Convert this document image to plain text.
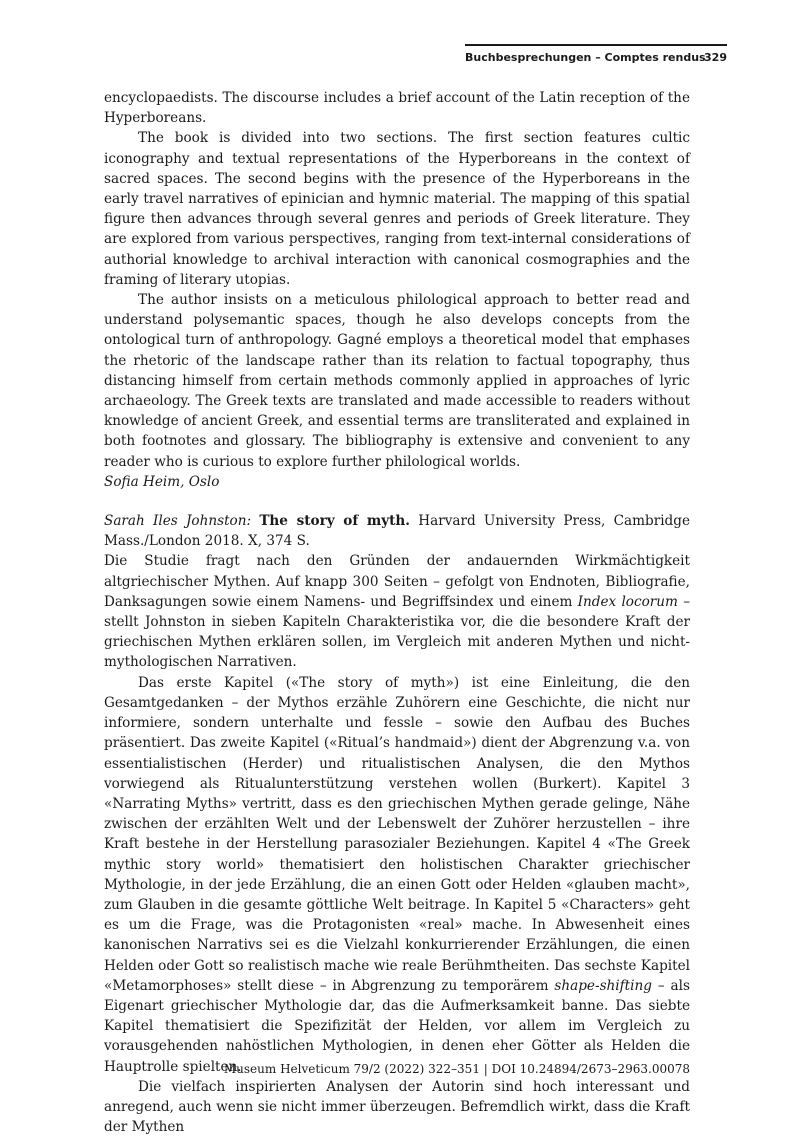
Buchbesprechungen – Comptes rendus
329

encyclopaedists. The discourse includes a brief account of the Latin reception of the Hyperboreans.

The book is divided into two sections. The first section features cultic iconography and textual representations of the Hyperboreans in the context of sacred spaces. The second begins with the presence of the Hyperboreans in the early travel narratives of epinician and hymnic material. The mapping of this spatial figure then advances through several genres and periods of Greek literature. They are explored from various perspectives, ranging from text-internal considerations of authorial knowledge to archival interaction with canonical cosmographies and the framing of literary utopias.

The author insists on a meticulous philological approach to better read and understand polysemantic spaces, though he also develops concepts from the ontological turn of anthropology. Gagné employs a theoretical model that emphases the rhetoric of the landscape rather than its relation to factual topography, thus distancing himself from certain methods commonly applied in approaches of lyric archaeology. The Greek texts are translated and made accessible to readers without knowledge of ancient Greek, and essential terms are transliterated and explained in both footnotes and glossary. The bibliography is extensive and convenient to any reader who is curious to explore further philological worlds.

Sofia Heim, Oslo

Sarah Iles Johnston: The story of myth. Harvard University Press, Cambridge Mass./London 2018. X, 374 S.

Die Studie fragt nach den Gründen der andauernden Wirkmächtigkeit altgriechischer Mythen. Auf knapp 300 Seiten – gefolgt von Endnoten, Bibliografie, Danksagungen sowie einem Namens- und Begriffsindex und einem Index locorum – stellt Johnston in sieben Kapiteln Charakteristika vor, die die besondere Kraft der griechischen Mythen erklären sollen, im Vergleich mit anderen Mythen und nicht-mythologischen Narrativen.

Das erste Kapitel («The story of myth») ist eine Einleitung, die den Gesamtgedanken – der Mythos erzähle Zuhörern eine Geschichte, die nicht nur informiere, sondern unterhalte und fessle – sowie den Aufbau des Buches präsentiert. Das zweite Kapitel («Ritual’s handmaid») dient der Abgrenzung v.a. von essentialistischen (Herder) und ritualistischen Analysen, die den Mythos vorwiegend als Ritualunterstützung verstehen wollen (Burkert). Kapitel 3 «Narrating Myths» vertritt, dass es den griechischen Mythen gerade gelinge, Nähe zwischen der erzählten Welt und der Lebenswelt der Zuhörer herzustellen – ihre Kraft bestehe in der Herstellung parasozialer Beziehungen. Kapitel 4 «The Greek mythic story world» thematisiert den holistischen Charakter griechischer Mythologie, in der jede Erzählung, die an einen Gott oder Helden «glauben macht», zum Glauben in die gesamte göttliche Welt beitrage. In Kapitel 5 «Characters» geht es um die Frage, was die Protagonisten «real» mache. In Abwesenheit eines kanonischen Narrativs sei es die Vielzahl konkurrierender Erzählungen, die einen Helden oder Gott so realistisch mache wie reale Berühmtheiten. Das sechste Kapitel «Metamorphoses» stellt diese – in Abgrenzung zu temporärem shape-shifting – als Eigenart griechischer Mythologie dar, das die Aufmerksamkeit banne. Das siebte Kapitel thematisiert die Spezifizität der Helden, vor allem im Vergleich zu vorausgehenden nahöstlichen Mythologien, in denen eher Götter als Helden die Hauptrolle spielten.

Die vielfach inspirierten Analysen der Autorin sind hoch interessant und anregend, auch wenn sie nicht immer überzeugen. Befremdlich wirkt, dass die Kraft der Mythen

Museum Helveticum 79/2 (2022) 322–351 | DOI 10.24894/2673–2963.00078
